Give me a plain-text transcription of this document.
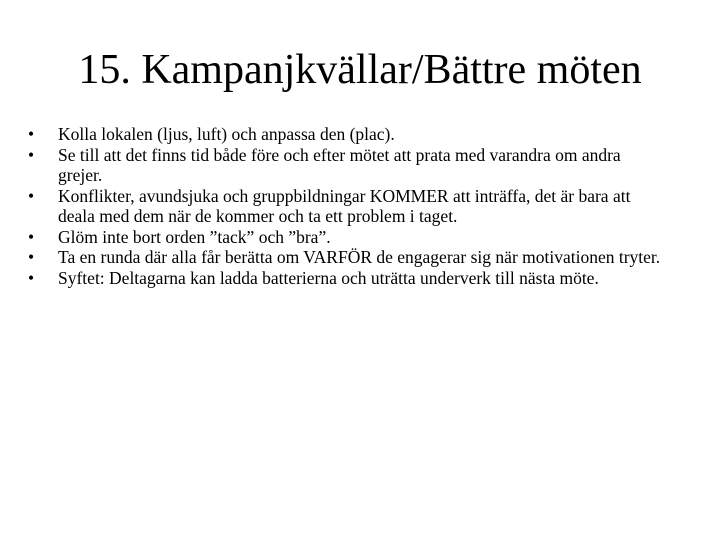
15. Kampanjkvällar/Bättre möten
•	Kolla lokalen (ljus, luft) och anpassa den (plac).
•	Se till att det finns tid både före och efter mötet att prata med varandra om andra grejer.
•	Konflikter, avundsjuka och gruppbildningar KOMMER att inträffa, det är bara att deala med dem när de kommer och ta ett problem i taget.
•	Glöm inte bort orden ”tack” och ”bra”.
•	Ta en runda där alla får berätta om VARFÖR de engagerar sig när motivationen tryter.
•	Syftet: Deltagarna kan ladda batterierna och uträtta underverk till nästa möte.
